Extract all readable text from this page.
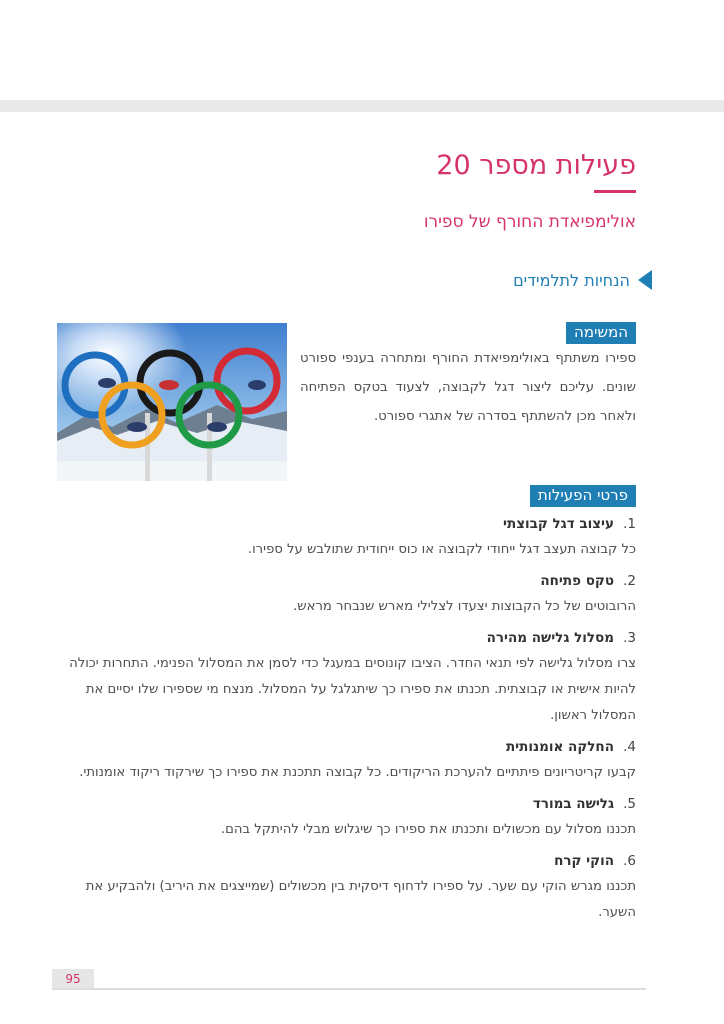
פעילות מספר 20
אולימפיאדת החורף של ספירו
הנחיות לתלמידים
המשימה
ספירו משתתף באולימפיאדת החורף ומתחרה בענפי ספורט שונים. עליכם ליצור דגל לקבוצה, לצעוד בטקס הפתיחה ולאחר מכן להשתתף בסדרה של אתגרי ספורט.
פרטי הפעילות
1.עיצוב דגל קבוצתי
כל קבוצה תעצב דגל ייחודי לקבוצה או כוס ייחודית שתולבש על ספירו.
2.טקס פתיחה
הרובוטים של כל הקבוצות יצעדו לצלילי מארש שנבחר מראש.
3.מסלול גלישה מהירה
צרו מסלול גלישה לפי תנאי החדר. הציבו קונוסים במעגל כדי לסמן את המסלול הפנימי. התחרות יכולה להיות אישית או קבוצתית. תכנתו את ספירו כך שיתגלגל על המסלול. מנצח מי שספירו שלו יסיים את המסלול ראשון.
4.החלקה אומנותית
קבעו קריטריונים פיתתיים להערכת הריקודים. כל קבוצה תתכנת את ספירו כך שירקוד ריקוד אומנותי.
5.גלישה במורד
תכננו מסלול עם מכשולים ותכנתו את ספירו כך שיגלוש מבלי להיתקל בהם.
6.הוקי קרח
תכננו מגרש הוקי עם שער. על ספירו לדחוף דיסקית בין מכשולים (שמייצגים את היריב) ולהבקיע את השער.
95
